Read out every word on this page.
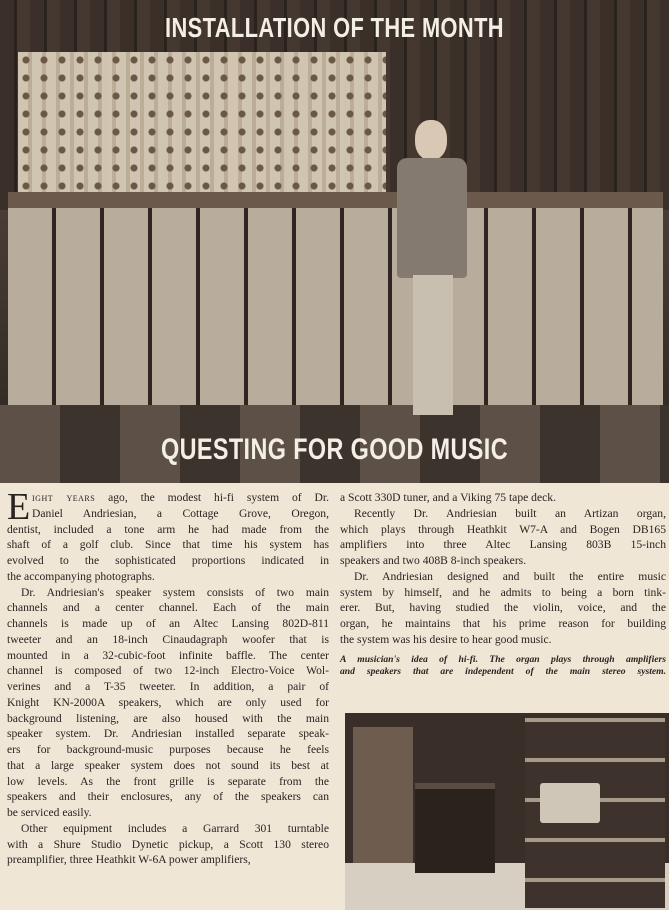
INSTALLATION OF THE MONTH
QUESTING FOR GOOD MUSIC
E ight years ago, the modest hi-fi system of Dr.
Daniel Andriesian, a Cottage Grove, Oregon,
dentist, included a tone arm he had made from the
shaft of a golf club. Since that time his system has
evolved to the sophisticated proportions indicated in
the accompanying photographs.
Dr. Andriesian's speaker system consists of two main
channels and a center channel. Each of the main
channels is made up of an Altec Lansing 802D-811
tweeter and an 18-inch Cinaudagraph woofer that is
mounted in a 32-cubic-foot infinite baffle. The center
channel is composed of two 12-inch Electro-Voice Wol-
verines and a T-35 tweeter. In addition, a pair of
Knight KN-2000A speakers, which are only used for
background listening, are also housed with the main
speaker system. Dr. Andriesian installed separate speak-
ers for background-music purposes because he feels
that a large speaker system does not sound its best at
low levels. As the front grille is separate from the
speakers and their enclosures, any of the speakers can
be serviced easily.
Other equipment includes a Garrard 301 turntable
with a Shure Studio Dynetic pickup, a Scott 130 stereo
preamplifier, three Heathkit W-6A power amplifiers,
a Scott 330D tuner, and a Viking 75 tape deck.
Recently Dr. Andriesian built an Artizan organ,
which plays through Heathkit W7-A and Bogen DB165
amplifiers into three Altec Lansing 803B 15-inch
speakers and two 408B 8-inch speakers.
Dr. Andriesian designed and built the entire music
system by himself, and he admits to being a born tink-
erer. But, having studied the violin, voice, and the
organ, he maintains that his prime reason for building
the system was his desire to hear good music.
A musician's idea of hi-fi. The organ plays through amplifiers
and speakers that are independent of the main stereo system.
